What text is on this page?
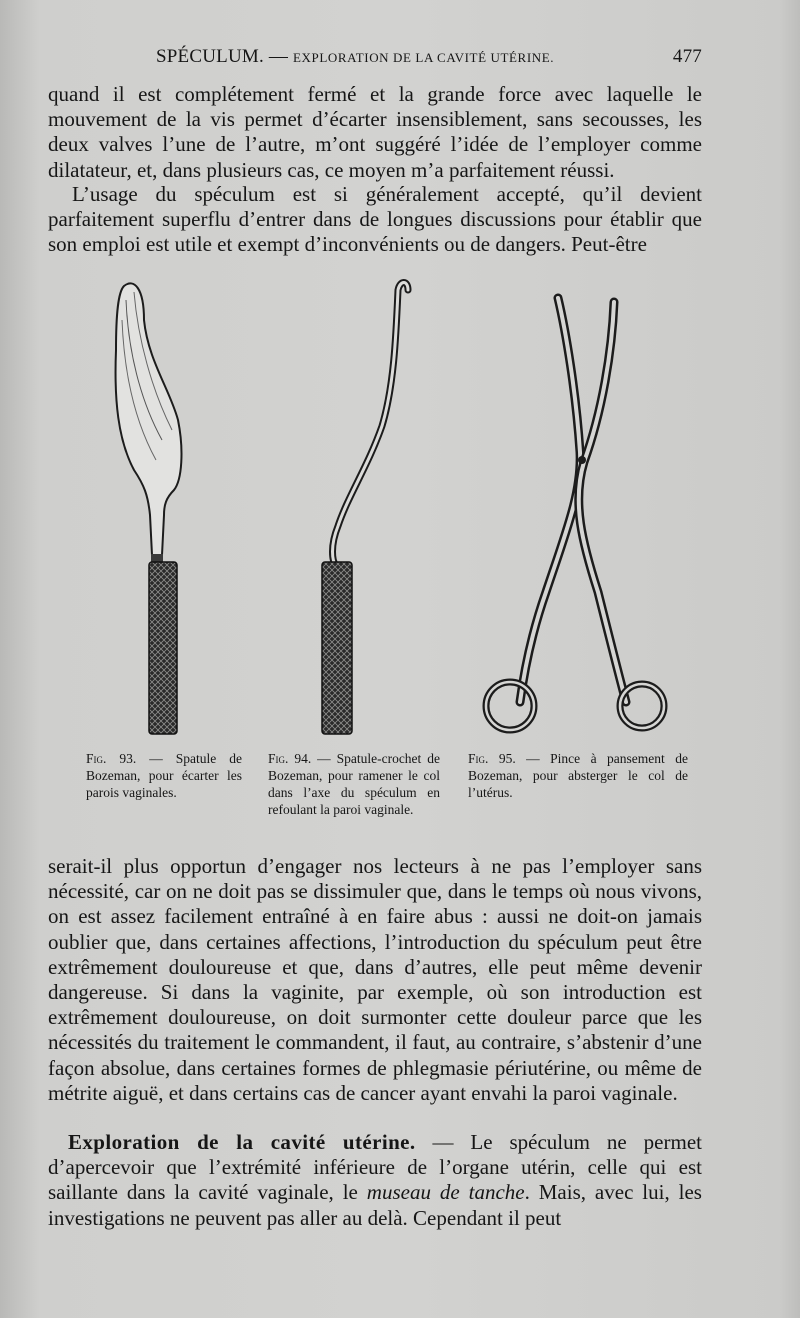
SPÉCULUM. — EXPLORATION DE LA CAVITÉ UTÉRINE.	477
quand il est complétement fermé et la grande force avec laquelle le mouvement de la vis permet d’écarter insensiblement, sans secousses, les deux valves l’une de l’autre, m’ont suggéré l’idée de l’employer comme dilatateur, et, dans plusieurs cas, ce moyen m’a parfaitement réussi.
L’usage du spéculum est si généralement accepté, qu’il devient parfaitement superflu d’entrer dans de longues discussions pour établir que son emploi est utile et exempt d’inconvénients ou de dangers. Peut-être
Fig. 93. — Spatule de Bozeman, pour écarter les parois vaginales.
Fig. 94. — Spatule-crochet de Bozeman, pour ramener le col dans l’axe du spéculum en refoulant la paroi vaginale.
Fig. 95. — Pince à pansement de Bozeman, pour absterger le col de l’utérus.
serait-il plus opportun d’engager nos lecteurs à ne pas l’employer sans nécessité, car on ne doit pas se dissimuler que, dans le temps où nous vivons, on est assez facilement entraîné à en faire abus : aussi ne doit-on jamais oublier que, dans certaines affections, l’introduction du spéculum peut être extrêmement douloureuse et que, dans d’autres, elle peut même devenir dangereuse. Si dans la vaginite, par exemple, où son introduction est extrêmement douloureuse, on doit surmonter cette douleur parce que les nécessités du traitement le commandent, il faut, au contraire, s’abstenir d’une façon absolue, dans certaines formes de phlegmasie périutérine, ou même de métrite aiguë, et dans certains cas de cancer ayant envahi la paroi vaginale.
Exploration de la cavité utérine. — Le spéculum ne permet d’apercevoir que l’extrémité inférieure de l’organe utérin, celle qui est saillante dans la cavité vaginale, le museau de tanche. Mais, avec lui, les investigations ne peuvent pas aller au delà. Cependant il peut
